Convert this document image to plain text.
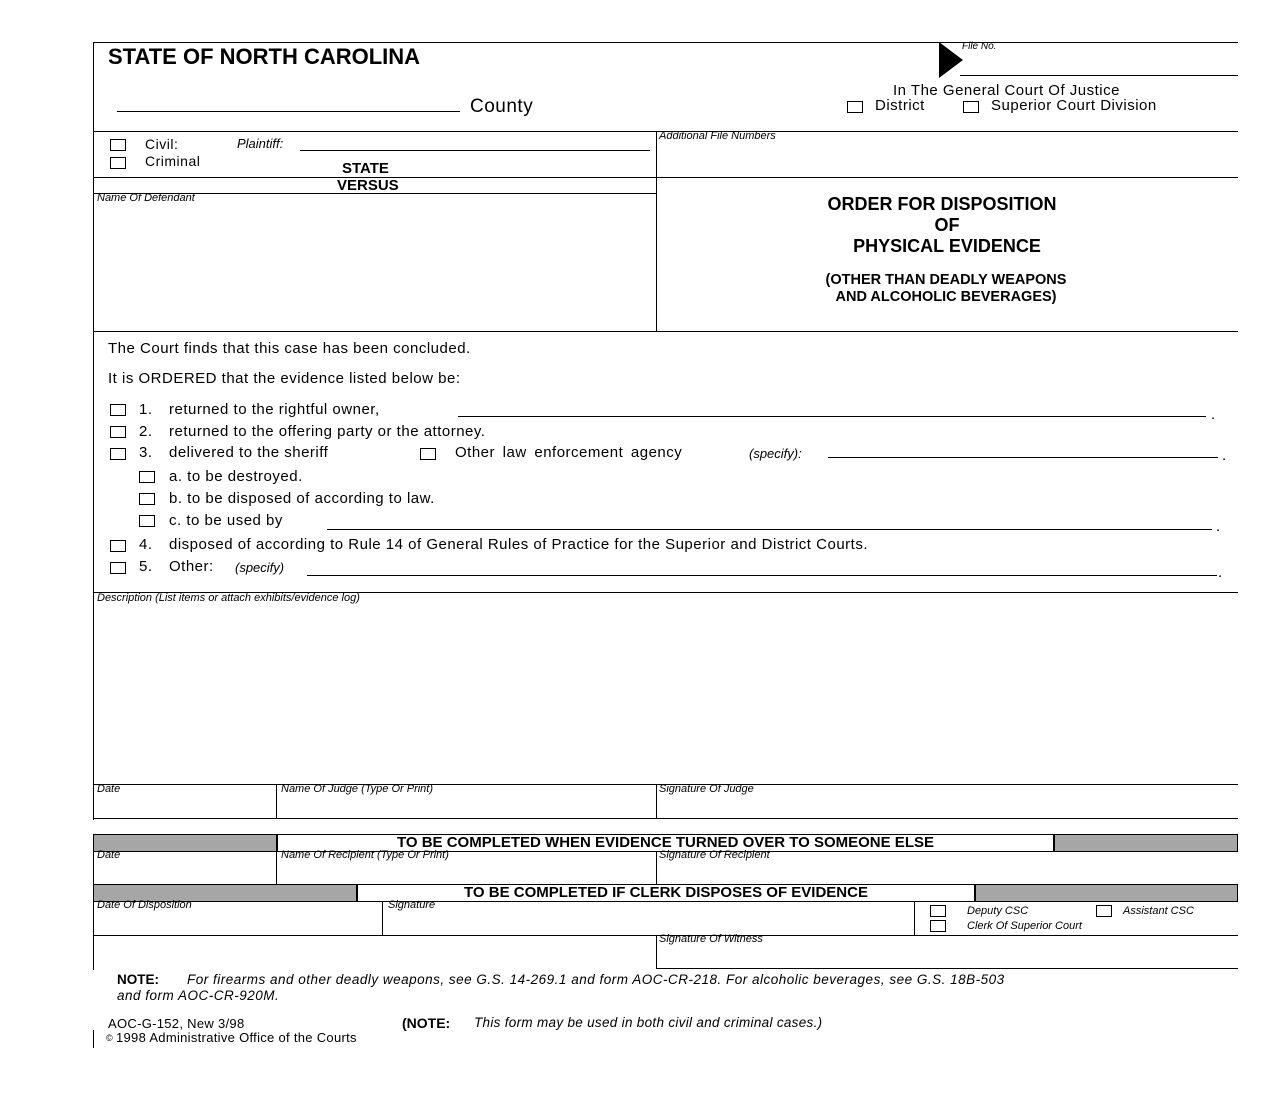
STATE OF NORTH CAROLINA
County
File No.
In The General Court Of Justice
District	Superior Court Division
Civil:
Criminal
Plaintiff:
STATE
VERSUS
Name Of Defendant
Additional File Numbers
ORDER FOR DISPOSITION
OF
PHYSICAL EVIDENCE
(OTHER THAN DEADLY WEAPONS
AND ALCOHOLIC BEVERAGES)
The Court finds that this case has been concluded.
It is ORDERED that the evidence listed below be:
1. returned to the rightful owner,	.
2. returned to the offering party or the attorney.
3. delivered to the sheriff	Other law enforcement agency	(specify):	.
a. to be destroyed.
b. to be disposed of according to law.
c. to be used by	.
4. disposed of according to Rule 14 of General Rules of Practice for the Superior and District Courts.
5. Other: (specify)	.
Description (List items or attach exhibits/evidence log)
Date	Name Of Judge (Type Or Print)	Signature Of Judge
TO BE COMPLETED WHEN EVIDENCE TURNED OVER TO SOMEONE ELSE
Date	Name Of Recipient (Type Or Print)	Signature Of Recipient
TO BE COMPLETED IF CLERK DISPOSES OF EVIDENCE
Date Of Disposition	Signature	Deputy CSC	Assistant CSC
Clerk Of Superior Court
Signature Of Witness
NOTE: For firearms and other deadly weapons, see G.S. 14-269.1 and form AOC-CR-218. For alcoholic beverages, see G.S. 18B-503
and form AOC-CR-920M.
AOC-G-152, New 3/98	(NOTE: This form may be used in both civil and criminal cases.)
© 1998 Administrative Office of the Courts
